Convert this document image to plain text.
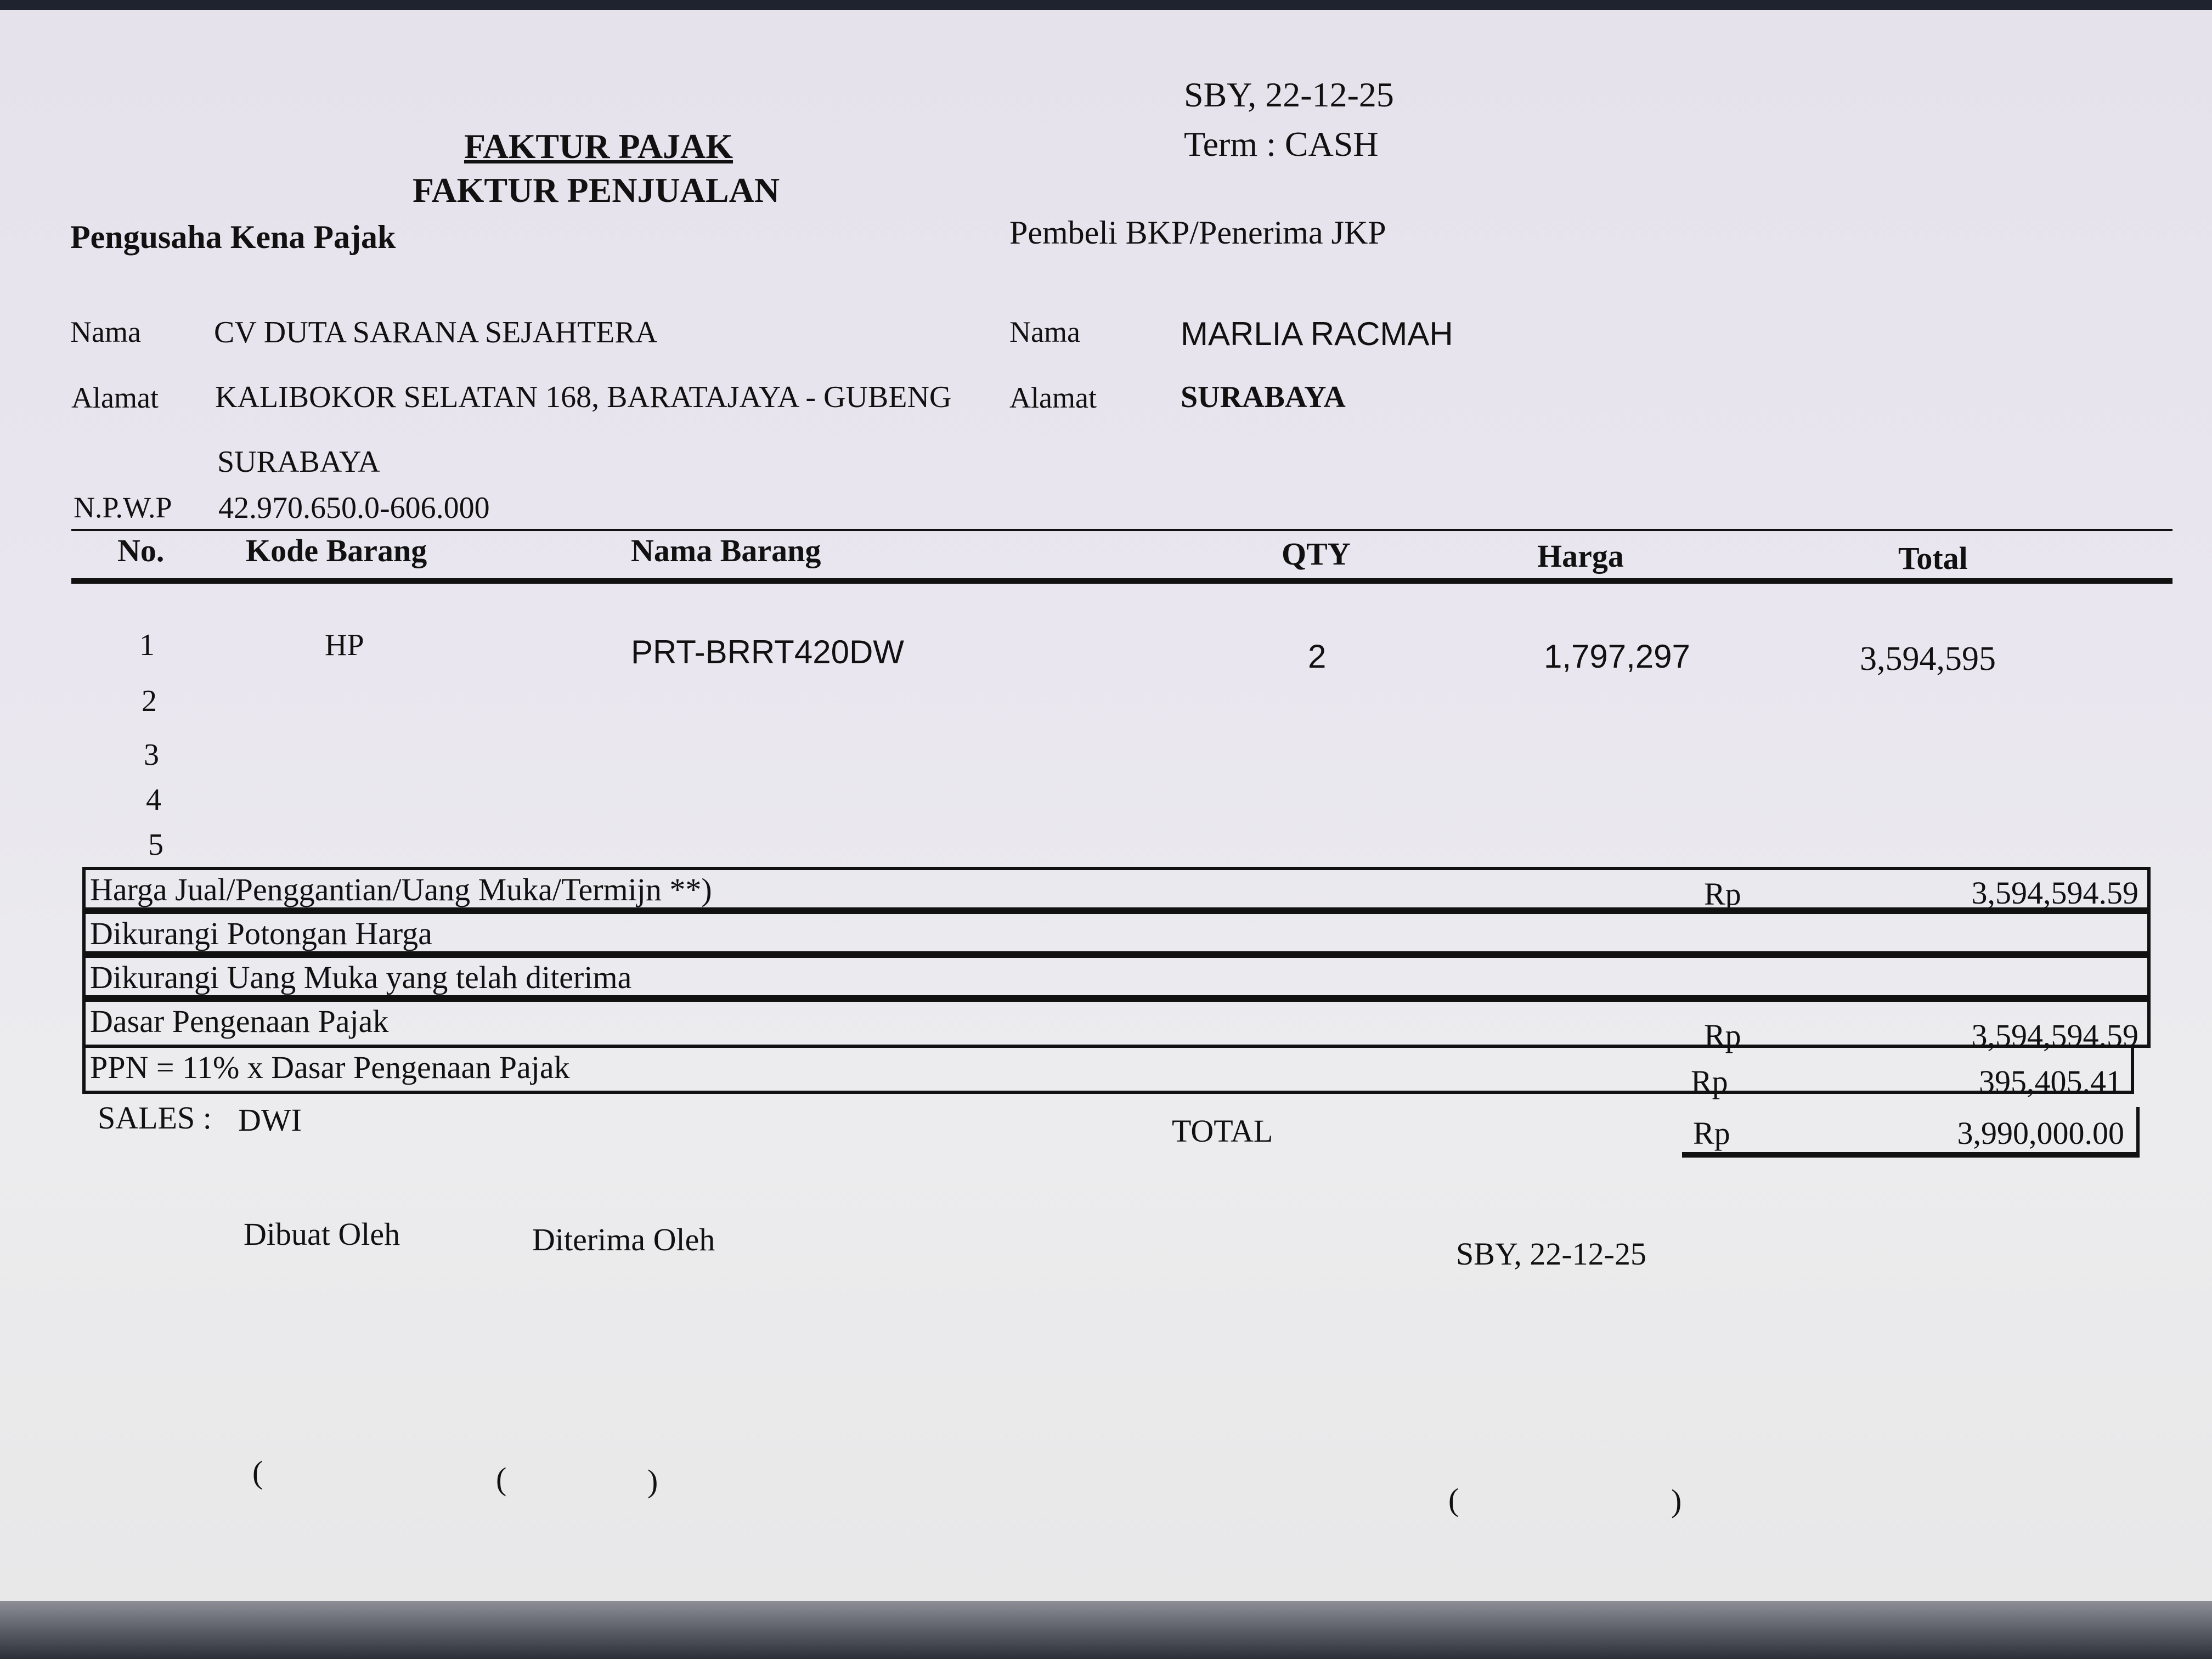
SBY, 22-12-25
Term : CASH
FAKTUR PAJAK
FAKTUR PENJUALAN
Pengusaha Kena Pajak
Nama CV DUTA SARANA SEJAHTERA
Alamat KALIBOKOR SELATAN 168, BARATAJAYA - GUBENG
SURABAYA
N.P.W.P 42.970.650.0-606.000
Pembeli BKP/Penerima JKP
Nama	MARLIA RACMAH
Alamat	SURABAYA
No.	Kode Barang	Nama Barang	QTY	Harga	Total
1	HP	PRT-BRRT420DW	2	1,797,297	3,594,595
2
3
4
5
Harga Jual/Penggantian/Uang Muka/Termijn **)	Rp	3,594,594.59
Dikurangi Potongan Harga
Dikurangi Uang Muka yang telah diterima
Dasar Pengenaan Pajak	Rp	3,594,594.59
PPN = 11% x Dasar Pengenaan Pajak	Rp	395,405.41
SALES : DWI	TOTAL	Rp	3,990,000.00
Dibuat Oleh	Diterima Oleh	SBY, 22-12-25
(	(	)
(	)
